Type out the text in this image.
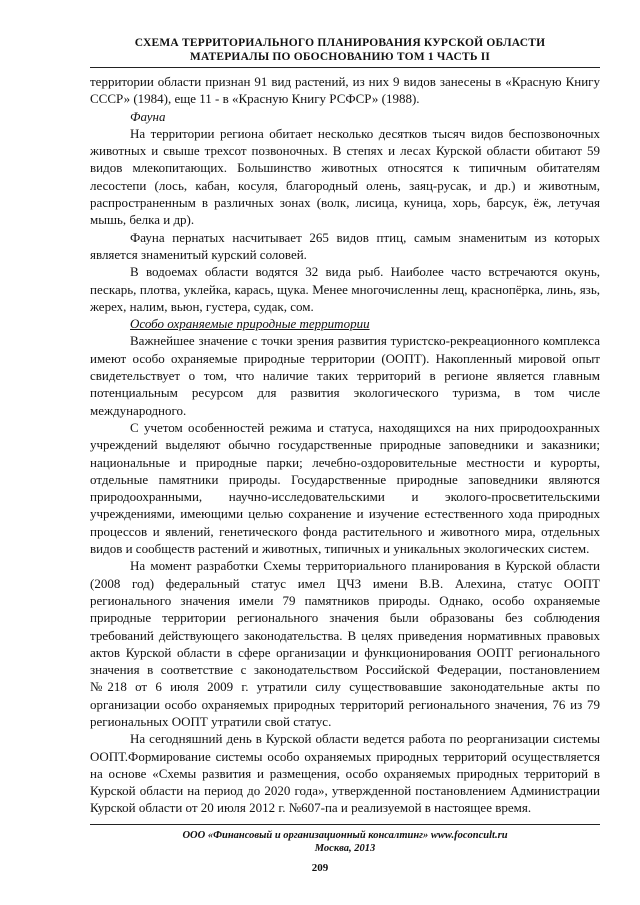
СХЕМА ТЕРРИТОРИАЛЬНОГО ПЛАНИРОВАНИЯ КУРСКОЙ ОБЛАСТИ
МАТЕРИАЛЫ ПО ОБОСНОВАНИЮ ТОМ 1 ЧАСТЬ II

территории области признан 91 вид растений, из них 9 видов занесены в «Красную Книгу СССР» (1984), еще 11 - в «Красную Книгу РСФСР» (1988).

Фауна

На территории региона обитает несколько десятков тысяч видов беспозвоночных животных и свыше трехсот позвоночных. В степях и лесах Курской области обитают 59 видов млекопитающих. Большинство животных относятся к типичным обитателям лесостепи (лось, кабан, косуля, благородный олень, заяц-русак, и др.) и животным, распространенным в различных зонах (волк, лисица, куница, хорь, барсук, ёж, летучая мышь, белка и др).

Фауна пернатых насчитывает 265 видов птиц, самым знаменитым из которых является знаменитый курский соловей.

В водоемах области водятся 32 вида рыб. Наиболее часто встречаются окунь, пескарь, плотва, уклейка, карась, щука. Менее многочисленны лещ, краснопёрка, линь, язь, жерех, налим, вьюн, густера, судак, сом.

Особо охраняемые природные территории

Важнейшее значение с точки зрения развития туристско-рекреационного комплекса имеют особо охраняемые природные территории (ООПТ). Накопленный мировой опыт свидетельствует о том, что наличие таких территорий в регионе является главным потенциальным ресурсом для развития экологического туризма, в том числе международного.

С учетом особенностей режима и статуса, находящихся на них природоохранных учреждений выделяют обычно государственные природные заповедники и заказники; национальные и природные парки; лечебно-оздоровительные местности и курорты, отдельные памятники природы. Государственные природные заповедники являются природоохранными, научно-исследовательскими и эколого-просветительскими учреждениями, имеющими целью сохранение и изучение естественного хода природных процессов и явлений, генетического фонда растительного и животного мира, отдельных видов и сообществ растений и животных, типичных и уникальных экологических систем.

На момент разработки Схемы территориального планирования в Курской области (2008 год) федеральный статус имел ЦЧЗ имени В.В. Алехина, статус ООПТ регионального значения имели 79 памятников природы. Однако, особо охраняемые природные территории регионального значения были образованы без соблюдения требований действующего законодательства. В целях приведения нормативных правовых актов Курской области в сфере организации и функционирования ООПТ регионального значения в соответствие с законодательством Российской Федерации, постановлением №218 от 6 июля 2009 г. утратили силу существовавшие законодательные акты по организации особо охраняемых природных территорий регионального значения, 76 из 79 региональных ООПТ утратили свой статус.

На сегодняшний день в Курской области ведется работа по реорганизации системы ООПТ.Формирование системы особо охраняемых природных территорий осуществляется на основе «Схемы развития и размещения, особо охраняемых природных территорий в Курской области на период до 2020 года», утвержденной постановлением Администрации Курской области от 20 июля 2012 г. №607-па и реализуемой в настоящее время.

ООО «Финансовый и организационный консалтинг» www.foconcult.ru
Москва, 2013
209
